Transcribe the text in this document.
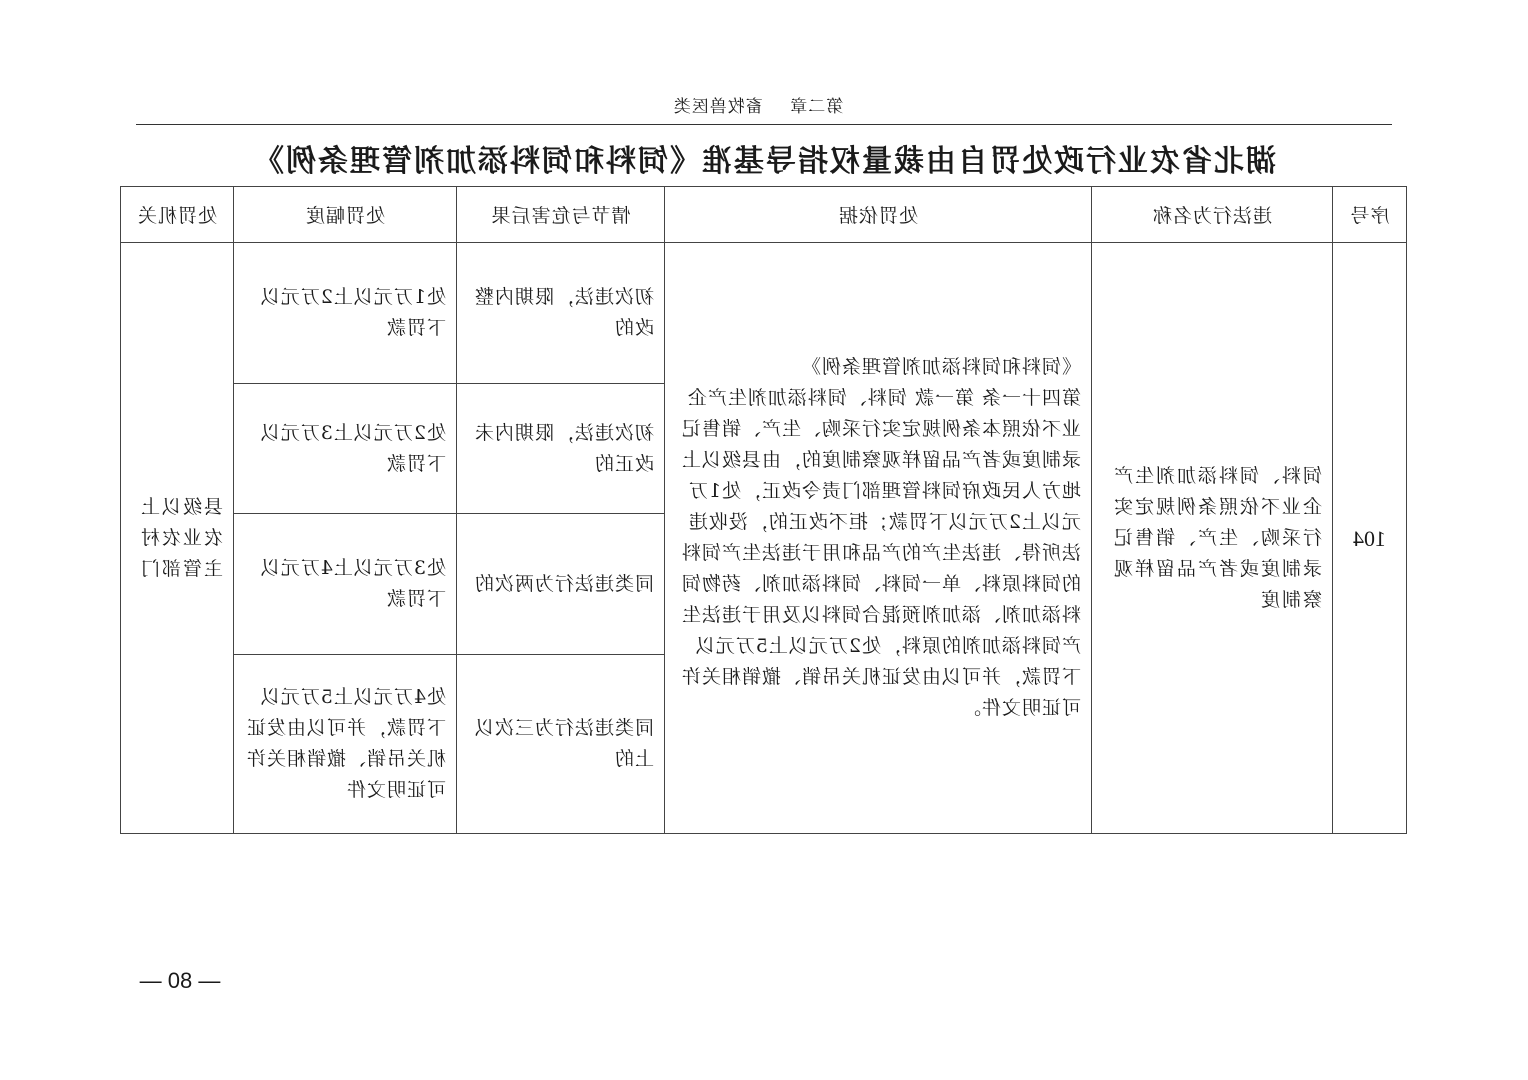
第二章 畜牧兽医类
湖北省农业行政处罚自由裁量权指导基准《饲料和饲料添加剂管理条例》
序号	违法行为名称	处罚依据	情节与危害后果	处罚幅度	处罚机关
104	饲料、饲料添加剂生产企业不依照条例规定实行采购、生产、销售记录制度或者产品留样观察制度	《饲料和饲料添加剂管理条例》
第四十一条 第一款 饲料、饲料添加剂生产企业不依照本条例规定实行采购、生产、销售记录制度或者产品留样观察制度的，由县级以上地方人民政府饲料管理部门责令改正，处1万元以上2万元以下罚款；拒不改正的，没收违法所得、违法生产的产品和用于违法生产饲料的饲料原料、单一饲料、饲料添加剂、药物饲料添加剂、添加剂预混合饲料以及用于违法生产饲料添加剂的原料，处2万元以上5万元以下罚款，并可以由发证机关吊销、撤销相关许可证明文件。	初次违法，限期内整改的	处1万元以上2万元以下罚款	县级以上农业农村主管部门
			初次违法，限期内未改正的	处2万元以上3万元以下罚款	
			同类违法行为两次的	处3万元以上4万元以下罚款	
			同类违法行为三次以上的	处4万元以上5万元以下罚款，并可以由发证机关吊销、撤销相关许可证明文件	
— 80 —
